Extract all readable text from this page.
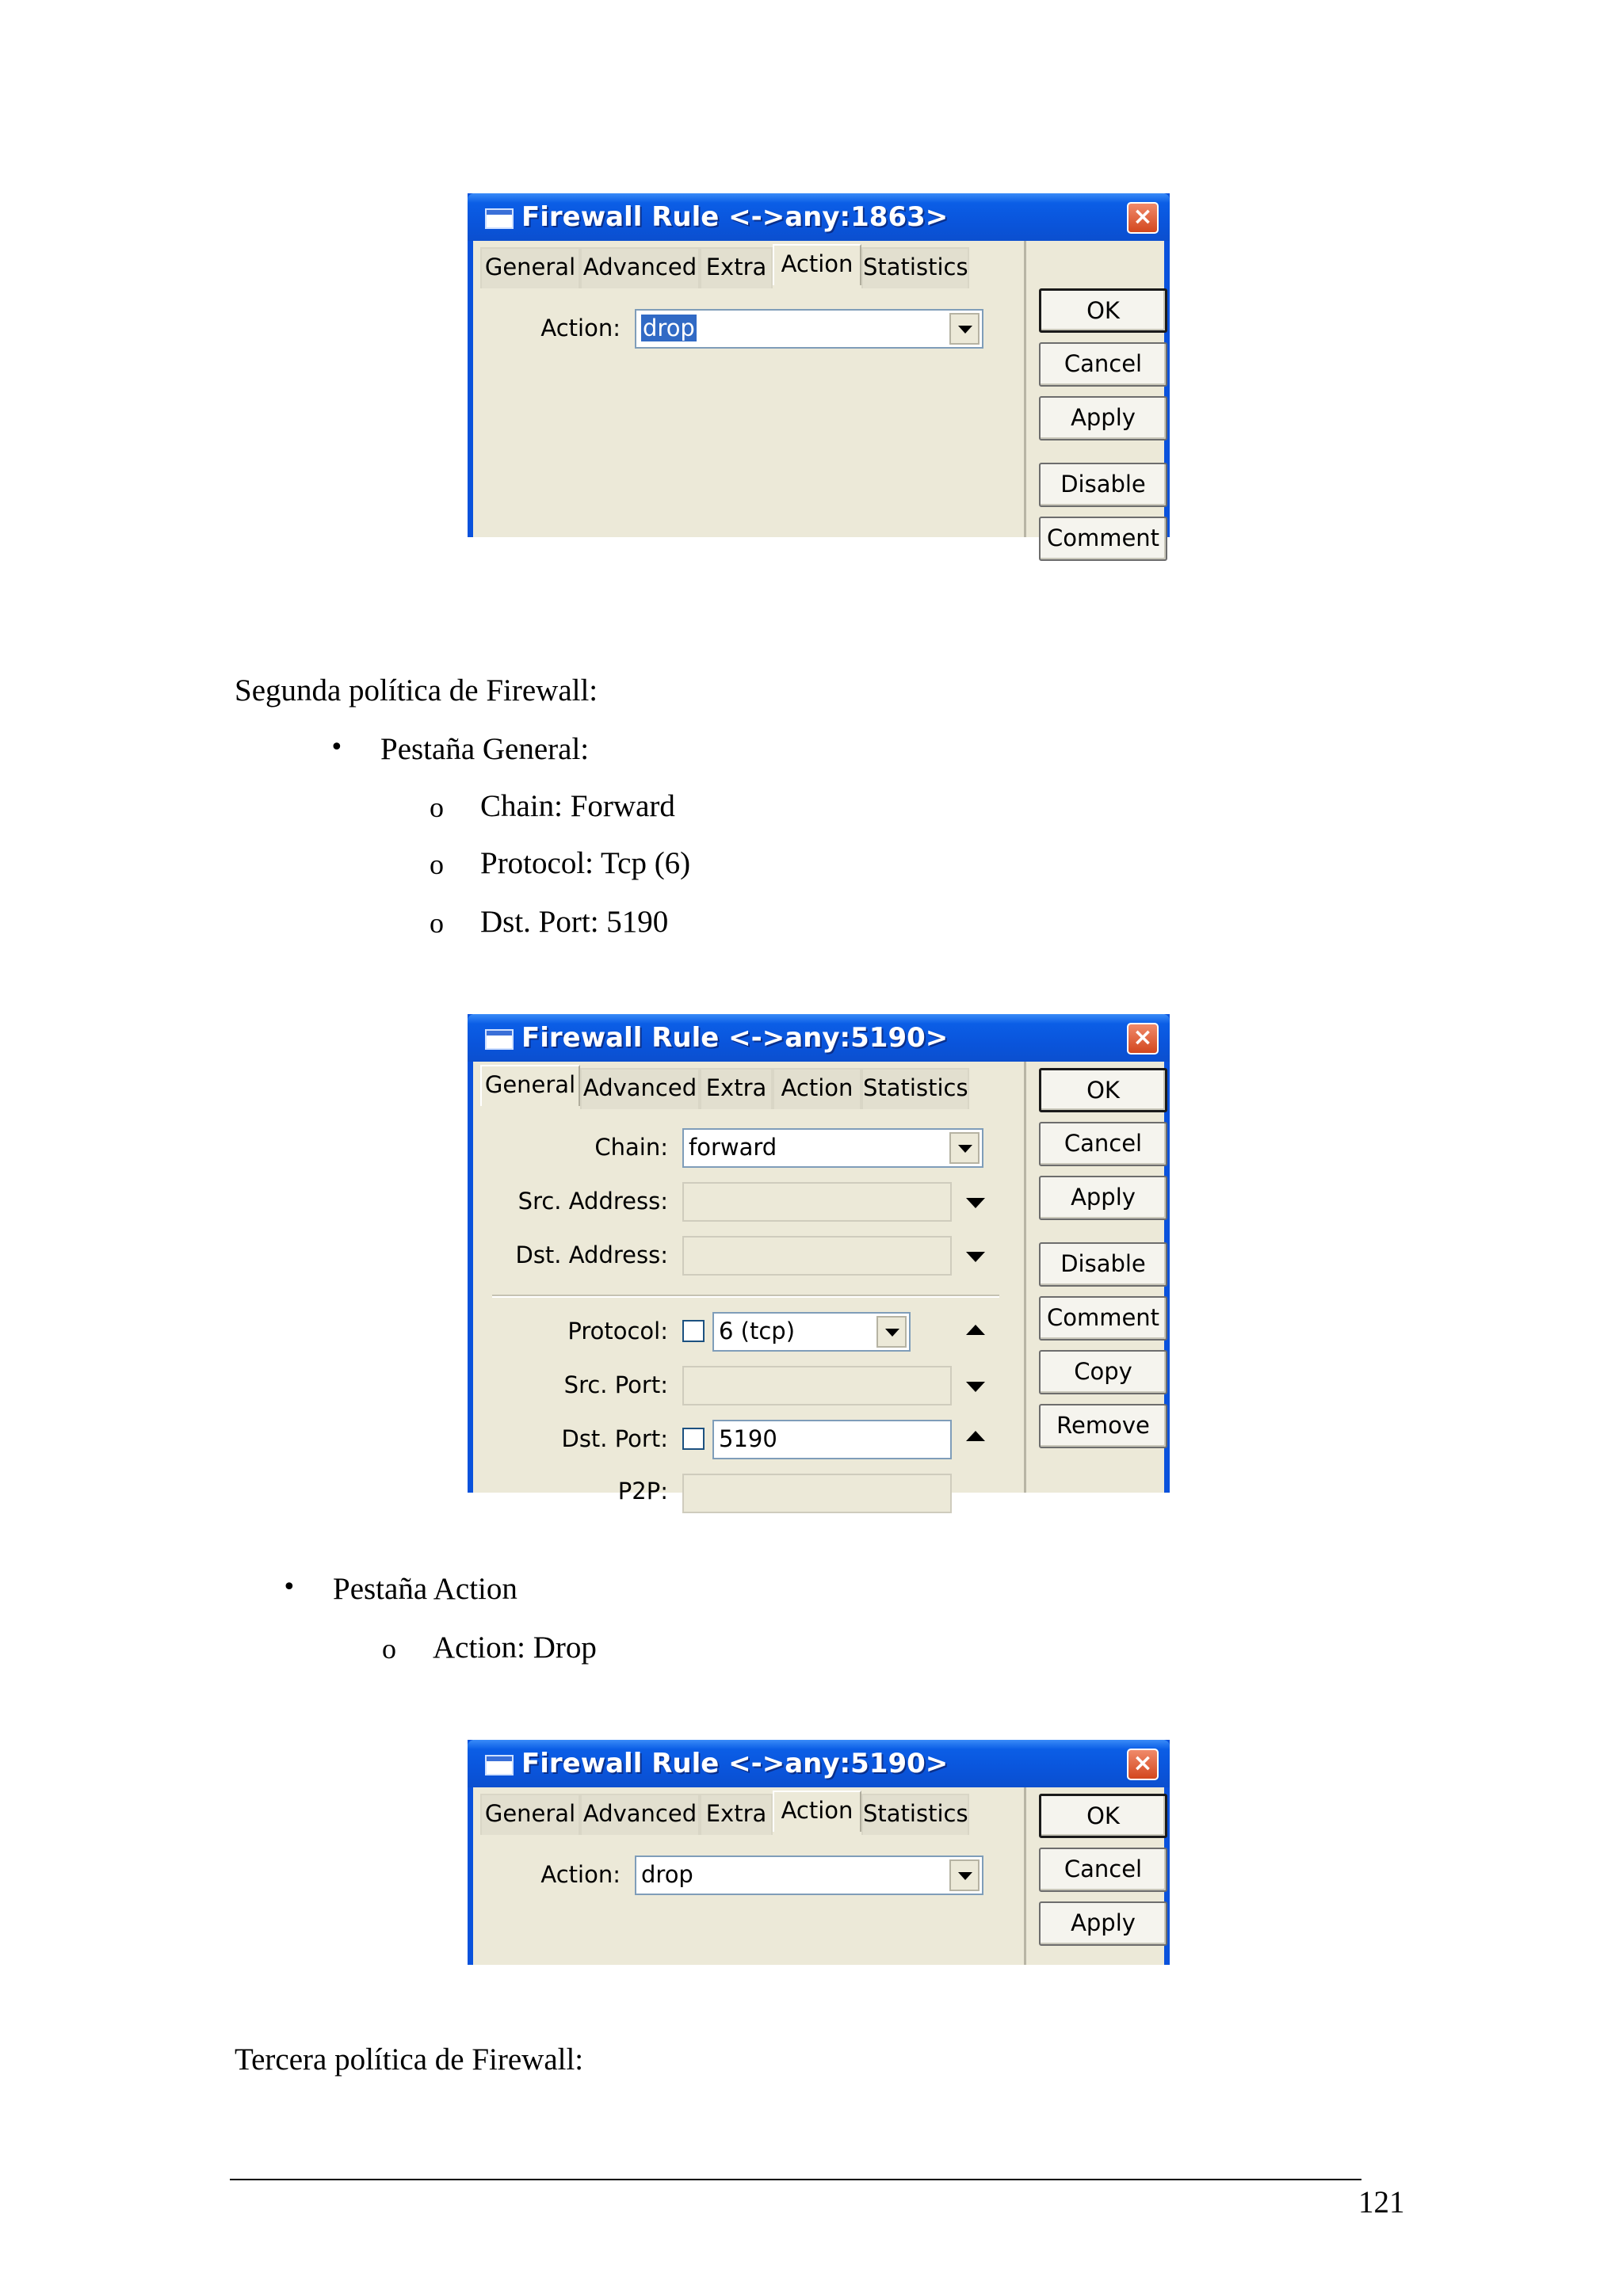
Firewall Rule <->any:1863>	×
General Advanced Extra Action Statistics
Action: drop
OK
Cancel
Apply
Disable
Comment
Segunda política de Firewall:
• Pestaña General:
o Chain: Forward
o Protocol: Tcp (6)
o Dst. Port: 5190
Firewall Rule <->any:5190>	×
General Advanced Extra Action Statistics
Chain: forward
Src. Address:
Dst. Address:
Protocol: 6 (tcp)
Src. Port:
Dst. Port: 5190
P2P:
OK
Cancel
Apply
Disable
Comment
Copy
Remove
• Pestaña Action
o Action: Drop
Firewall Rule <->any:5190>	×
General Advanced Extra Action Statistics
Action: drop
OK
Cancel
Apply
Tercera política de Firewall:
121
